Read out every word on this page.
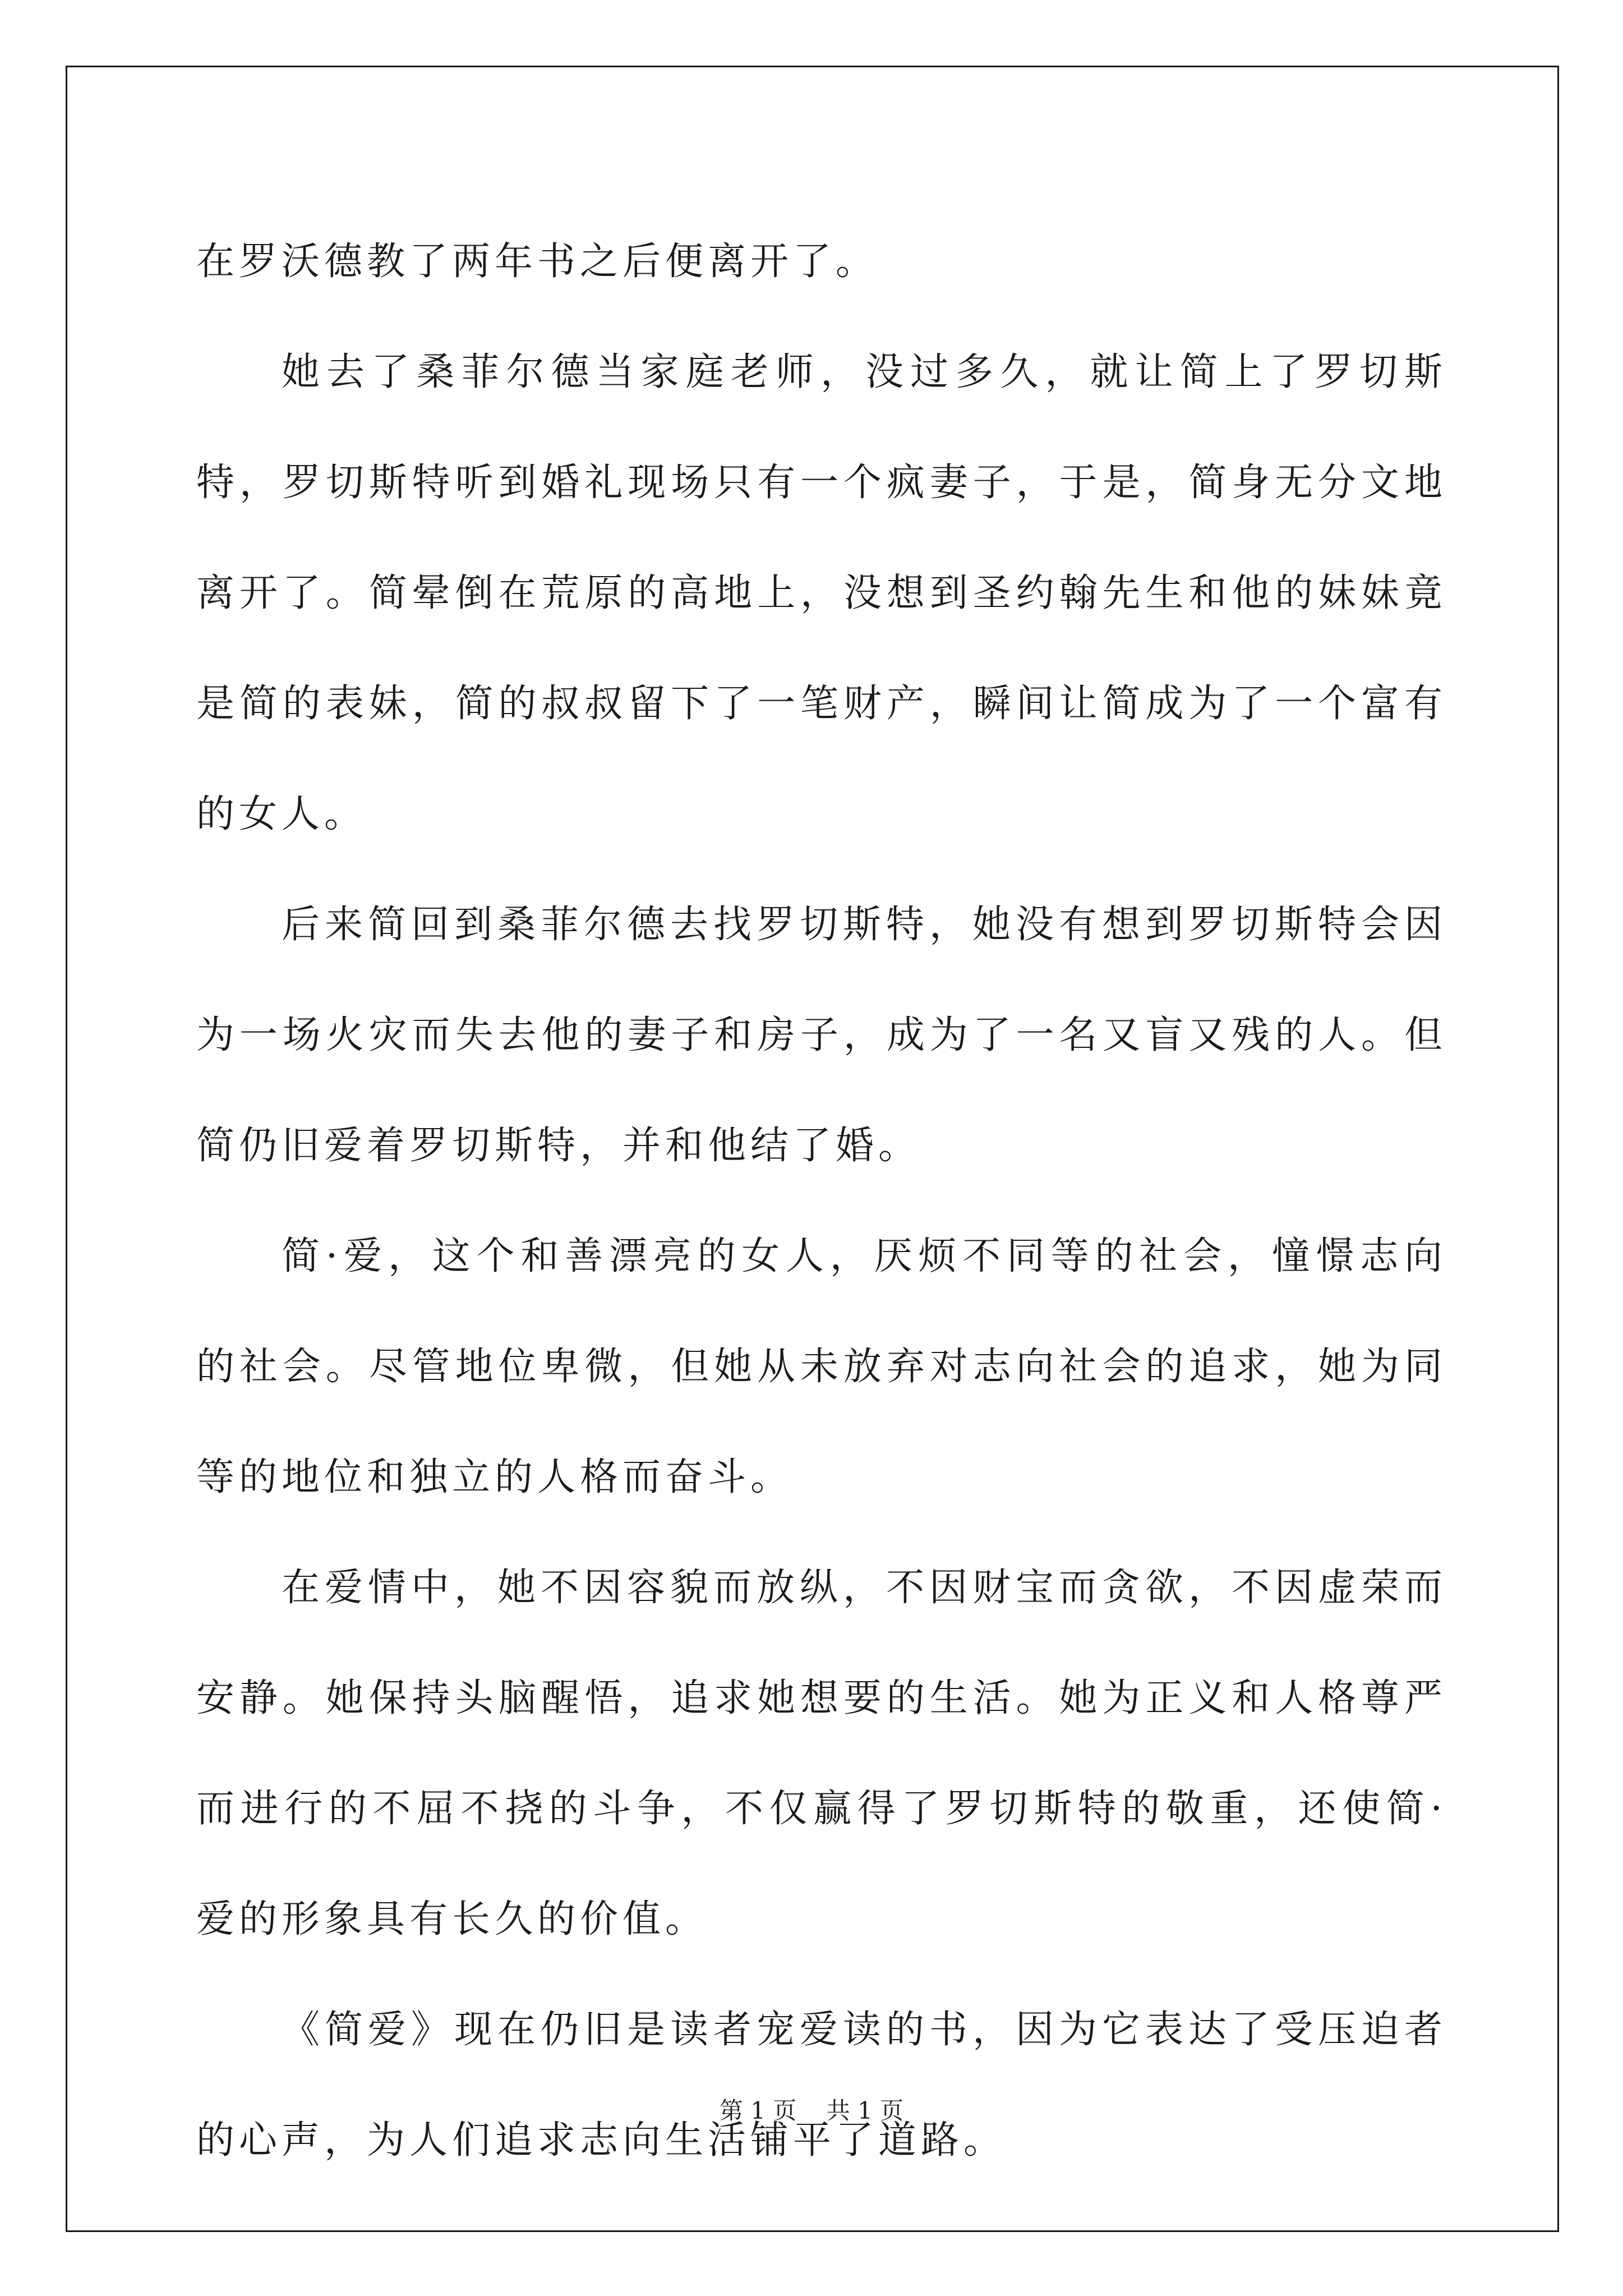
在罗沃德教了两年书之后便离开了。

她去了桑菲尔德当家庭老师，没过多久，就让简上了罗切斯特，罗切斯特听到婚礼现场只有一个疯妻子，于是，简身无分文地离开了。简晕倒在荒原的高地上，没想到圣约翰先生和他的妹妹竟是简的表妹，简的叔叔留下了一笔财产，瞬间让简成为了一个富有的女人。

后来简回到桑菲尔德去找罗切斯特，她没有想到罗切斯特会因为一场火灾而失去他的妻子和房子，成为了一名又盲又残的人。但简仍旧爱着罗切斯特，并和他结了婚。

简·爱，这个和善漂亮的女人，厌烦不同等的社会，憧憬志向的社会。尽管地位卑微，但她从未放弃对志向社会的追求，她为同等的地位和独立的人格而奋斗。

在爱情中，她不因容貌而放纵，不因财宝而贪欲，不因虚荣而安静。她保持头脑醒悟，追求她想要的生活。她为正义和人格尊严而进行的不屈不挠的斗争，不仅赢得了罗切斯特的敬重，还使简·爱的形象具有长久的价值。

《简爱》现在仍旧是读者宠爱读的书，因为它表达了受压迫者的心声，为人们追求志向生活铺平了道路。

第 1 页    共 1 页
